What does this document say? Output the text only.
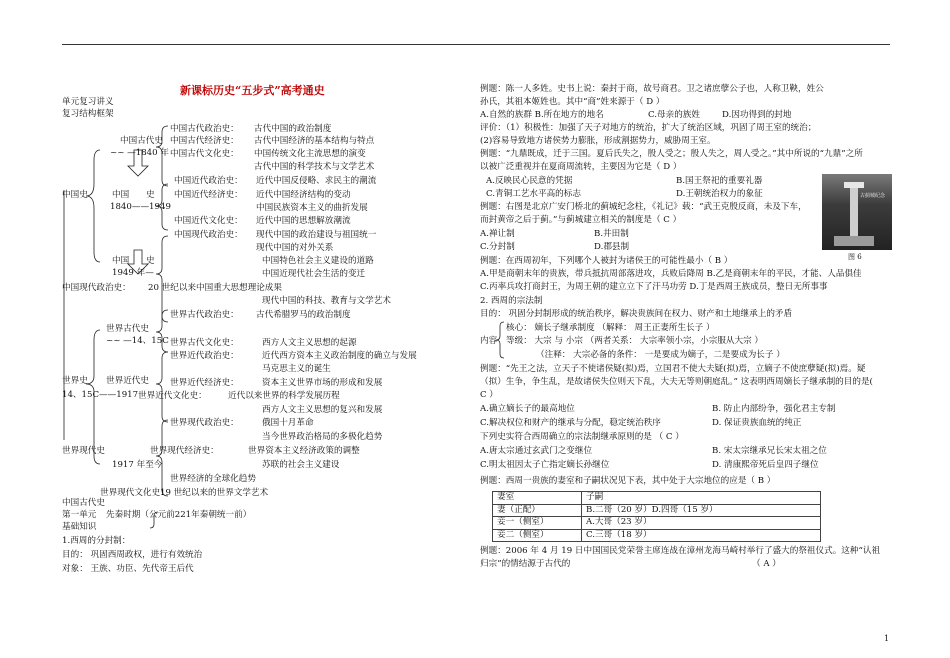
新课标历史“五步式”高考通史
单元复习讲义
复习结构框架
中国古代史
~~ —1840 年
中国史	中国 史
1840——1949
中国 史
1949 年—
中国现代政治史：
世界古代史
~~ —14、15C
世界史 世界近代史
14、15C——1917
世界现代史
1917 年至今
中国古代史
第一单元 先秦时期（公元前221年秦朝统一前）
基础知识
1.西周的分封制：
目的： 巩固西周政权，进行有效统治
对象： 王族、功臣、先代帝王后代
中国古代政治史： 古代中国的政治制度
中国古代经济史： 古代中国经济的基本结构与特点
中国古代文化史： 中国传统文化主流思想的演变
古代中国的科学技术与文学艺术
中国近代政治史： 近代中国反侵略、求民主的潮流
中国近代经济史： 近代中国经济结构的变动
中国民族资本主义的曲折发展
中国近代文化史： 近代中国的思想解放潮流
中国现代政治史： 现代中国的政治建设与祖国统一
现代中国的对外关系
中国特色社会主义建设的道路
中国近现代社会生活的变迁
20 世纪以来中国重大思想理论成果
现代中国的科技、教育与文学艺术
世界古代政治史： 古代希腊罗马的政治制度
世界古代文化史：	西方人文主义思想的起源
世界近代政治史：	近代西方资本主义政治制度的确立与发展
马克思主义的诞生
世界近代经济史：	资本主义世界市场的形成和发展
世界近代文化史： 近代以来世界的科学发展历程
西方人文主义思想的复兴和发展
世界现代政治史：	俄国十月革命
当今世界政治格局的多极化趋势
世界现代经济史：	世界资本主义经济政策的调整
苏联的社会主义建设
世界经济的全球化趋势
世界现代文化史：
19 世纪以来的世界文学艺术
例题：陈一人多姓。史书上说：秦封于商，故号商君。卫之诸庶孽公子也，人称卫鞅，姓公
孙氏，其祖本姬姓也。其中“商”姓来源于（ D ）
A.自然的族群 B.所在地方的地名	C.母亲的族姓	D.因功得到的封地
评价：（1）积极性：加强了天子对地方的统治，扩大了统治区域，巩固了周王室的统治；
(2)容易导致地方诸侯势力膨胀，形成割据势力，威胁周王室。
例题：“九鼎既成，迁于三国。夏后氏失之，殷人受之；殷人失之，周人受之。”其中所说的“九鼎”之所
以被广泛重视并在夏商周流转，主要因为它是（ D ）
A.反映民心民意的凭据	B.国王祭祀的重要礼器
C.青铜工艺水平高的标志	D.王朝统治权力的象征
例题：右图是北京广安门桥北的蓟城纪念柱，《礼记》载：“武王克殷反商，未及下车，
而封黄帝之后于蓟。”与蓟城建立相关的制度是（ C ）
A.禅让制	B.井田制
C.分封制	D.郡县制
古蓟城纪念
图 6
例题：在西周初年，下列哪个人被封为诸侯王的可能性最小（ B ）
A.甲是商朝末年的贵族，带兵抵抗周部落进攻，兵败后降周 B.乙是商朝末年的平民，才能、人品俱佳
C.丙率兵攻打商封王，为周王朝的建立立下了汗马功劳 D.丁是西周王族成员，整日无所事事
2. 西周的宗法制
目的： 巩固分封制形成的统治秩序，解决贵族间在权力、财产和土地继承上的矛盾
核心： 嫡长子继承制度 （解释： 周王正妻所生长子 ）
内容 等级： 大宗 与 小宗 （两者关系： 大宗率领小宗，小宗服从大宗 ）
（注释： 大宗必备的条件： 一是要成为嫡子，二是要成为长子 ）
例题：“先王之法，立天子不使诸侯疑(拟)焉，立国君不使大夫疑(拟)焉，立嫡子不使庶孽疑(拟)焉。疑
（拟）生争，争生乱，是故诸侯失位则天下乱，大夫无等则朝庭乱。” 这表明西周嫡长子继承制的目的是(
C ）
A.确立嫡长子的最高地位	B. 防止内部纷争，强化君主专制
C.解决权位和财产的继承与分配，稳定统治秩序	D. 保证贵族血统的纯正
下列史实符合西周确立的宗法制继承原则的是 （ C ）
A.唐太宗通过玄武门之变继位	B. 宋太宗继承兄长宋太祖之位
C.明太祖因太子亡指定嫡长孙继位	D. 清康熙帝死后皇四子继位
例题：西周一贵族的妻室和子嗣状况见下表，其中处于大宗地位的应是（ B ）
妻室	子嗣
妻（正配）	B.二哥（20 岁）D.四哥（15 岁）
妾一（侧室）	A.大哥（23 岁）
妾二（侧室）	C.三哥（18 岁）
例题：2006 年 4 月 19 日中国国民党荣誉主席连战在漳州龙海马崎村举行了盛大的祭祖仪式。这种“认祖
归宗”的情结源于古代的	（ A ）
1
